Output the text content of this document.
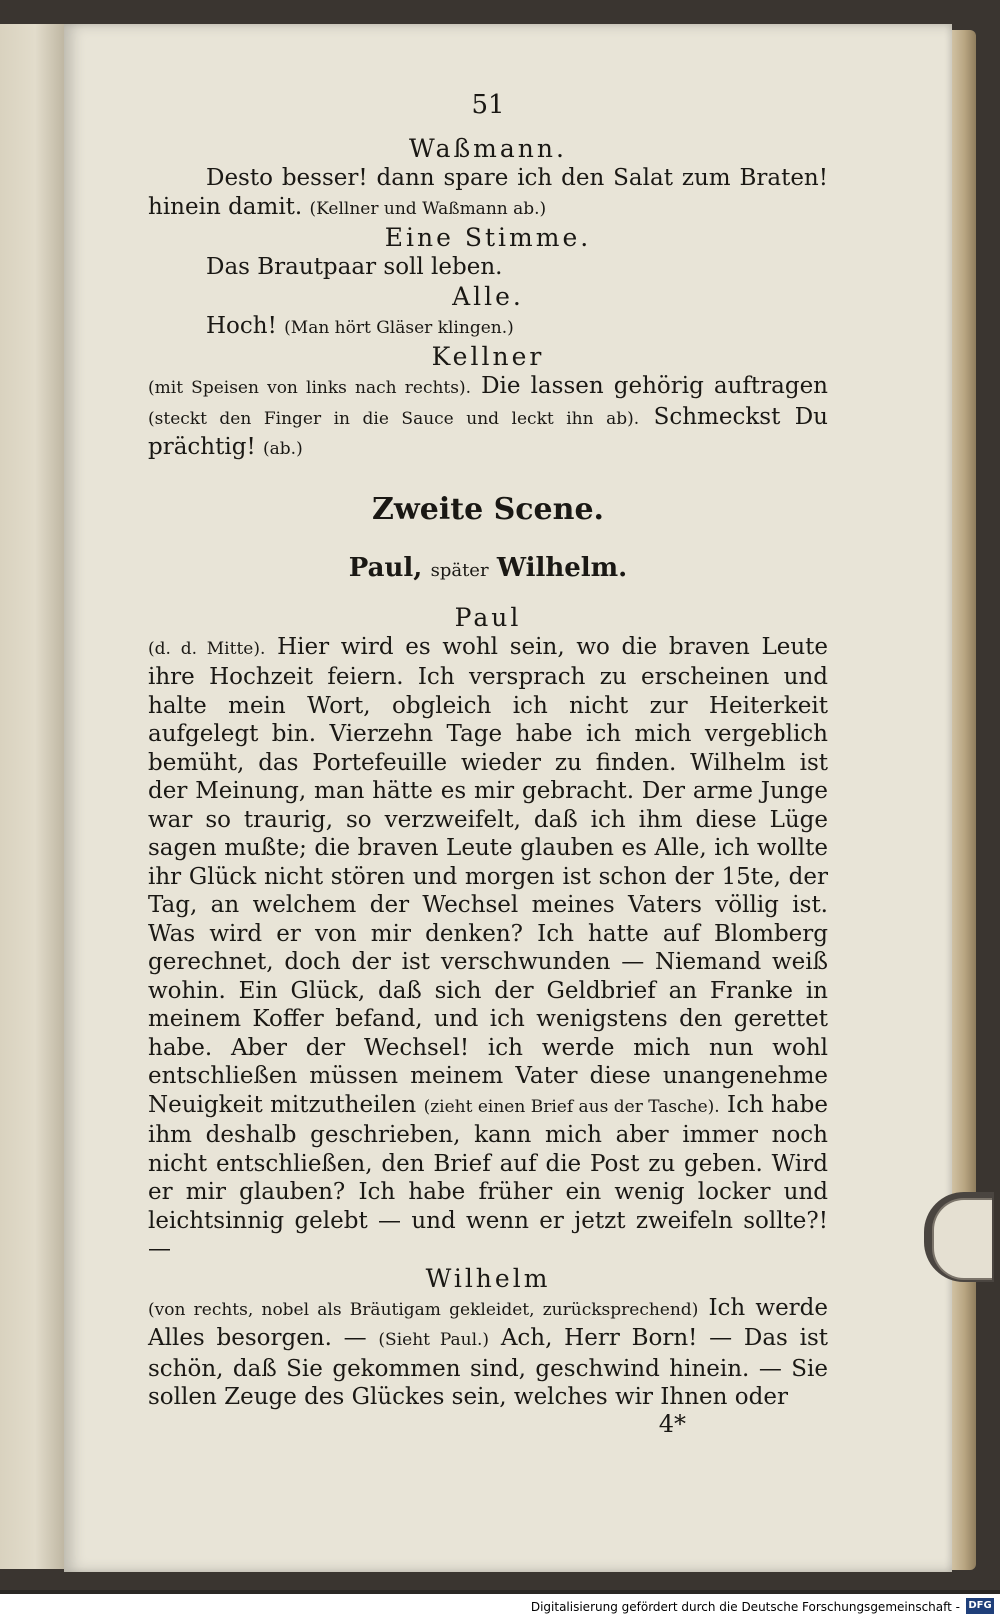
51
Waßmann.

Desto besser! dann spare ich den Salat zum Braten! hinein damit. (Kellner und Waßmann ab.)

Eine Stimme.

Das Brautpaar soll leben.

Alle.

Hoch! (Man hört Gläser klingen.)

Kellner

(mit Speisen von links nach rechts). Die lassen gehörig auftragen (steckt den Finger in die Sauce und leckt ihn ab). Schmeckst Du prächtig! (ab.)

Zweite Scene.
Paul, später Wilhelm.
Paul

(d. d. Mitte). Hier wird es wohl sein, wo die braven Leute ihre Hochzeit feiern. Ich versprach zu erscheinen und halte mein Wort, obgleich ich nicht zur Heiterkeit aufgelegt bin. Vierzehn Tage habe ich mich vergeblich bemüht, das Portefeuille wieder zu finden. Wilhelm ist der Meinung, man hätte es mir gebracht. Der arme Junge war so traurig, so verzweifelt, daß ich ihm diese Lüge sagen mußte; die braven Leute glauben es Alle, ich wollte ihr Glück nicht stören und morgen ist schon der 15te, der Tag, an welchem der Wechsel meines Vaters völlig ist. Was wird er von mir denken? Ich hatte auf Blomberg gerechnet, doch der ist verschwunden — Niemand weiß wohin. Ein Glück, daß sich der Geldbrief an Franke in meinem Koffer befand, und ich wenigstens den gerettet habe. Aber der Wechsel! ich werde mich nun wohl entschließen müssen meinem Vater diese unangenehme Neuigkeit mitzutheilen (zieht einen Brief aus der Tasche). Ich habe ihm deshalb geschrieben, kann mich aber immer noch nicht entschließen, den Brief auf die Post zu geben. Wird er mir glauben? Ich habe früher ein wenig locker und leichtsinnig gelebt — und wenn er jetzt zweifeln sollte?! —

Wilhelm

(von rechts, nobel als Bräutigam gekleidet, zurücksprechend) Ich werde Alles besorgen. — (Sieht Paul.) Ach, Herr Born! — Das ist schön, daß Sie gekommen sind, geschwind hinein. — Sie sollen Zeuge des Glückes sein, welches wir Ihnen oder

4*
Digitalisierung gefördert durch die Deutsche Forschungsgemeinschaft - DFG
